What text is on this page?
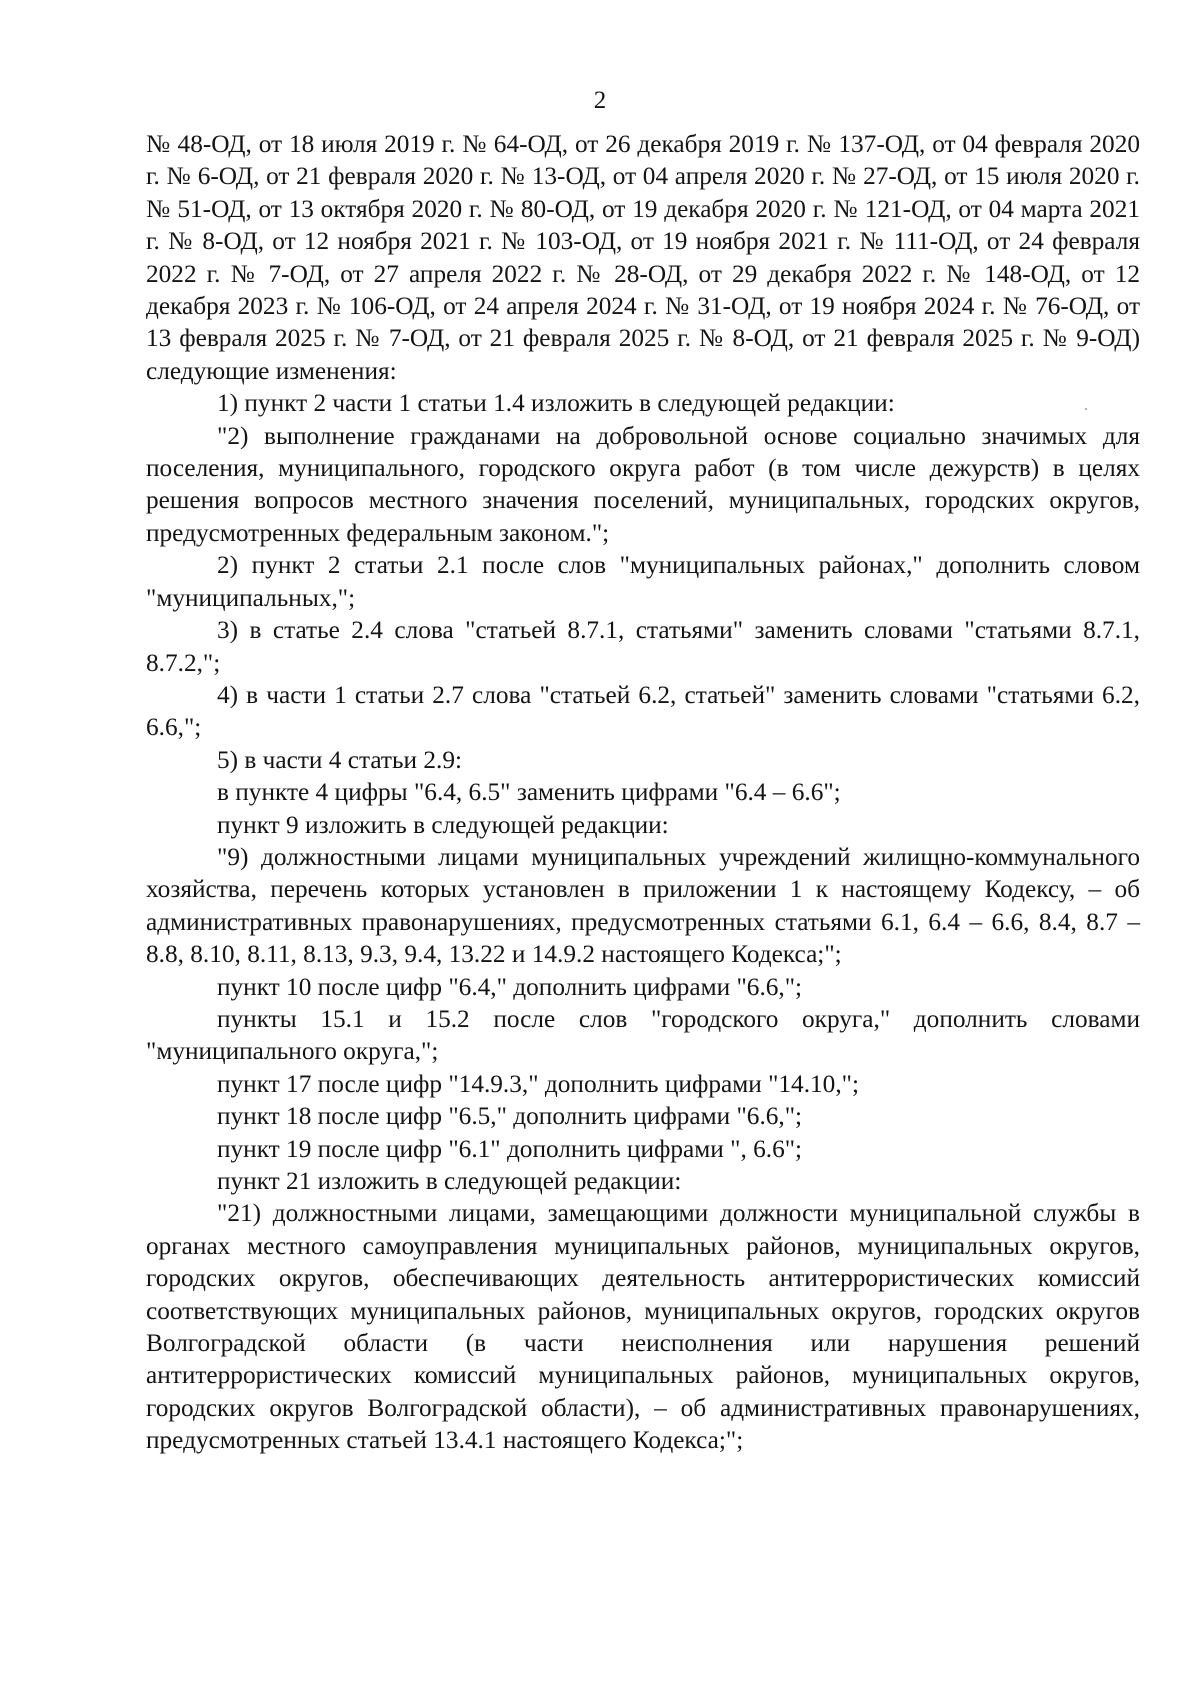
2

№ 48-ОД, от 18 июля 2019 г. № 64-ОД, от 26 декабря 2019 г. № 137-ОД, от 04 февраля 2020 г. № 6-ОД, от 21 февраля 2020 г. № 13-ОД, от 04 апреля 2020 г. № 27-ОД, от 15 июля 2020 г. № 51-ОД, от 13 октября 2020 г. № 80-ОД, от 19 декабря 2020 г. № 121-ОД, от 04 марта 2021 г. № 8-ОД, от 12 ноября 2021 г. № 103-ОД, от 19 ноября 2021 г. № 111-ОД, от 24 февраля 2022 г. № 7-ОД, от 27 апреля 2022 г. № 28-ОД, от 29 декабря 2022 г. № 148-ОД, от 12 декабря 2023 г. № 106-ОД, от 24 апреля 2024 г. № 31-ОД, от 19 ноября 2024 г. № 76-ОД, от 13 февраля 2025 г. № 7-ОД, от 21 февраля 2025 г. № 8-ОД, от 21 февраля 2025 г. № 9-ОД) следующие изменения:

1) пункт 2 части 1 статьи 1.4 изложить в следующей редакции:

"2) выполнение гражданами на добровольной основе социально значимых для поселения, муниципального, городского округа работ (в том числе дежурств) в целях решения вопросов местного значения поселений, муниципальных, городских округов, предусмотренных федеральным законом.";

2) пункт 2 статьи 2.1 после слов "муниципальных районах," дополнить словом "муниципальных,";

3) в статье 2.4 слова "статьей 8.7.1, статьями" заменить словами "статьями 8.7.1, 8.7.2,";

4) в части 1 статьи 2.7 слова "статьей 6.2, статьей" заменить словами "статьями 6.2, 6.6,";

5) в части 4 статьи 2.9:

в пункте 4 цифры "6.4, 6.5" заменить цифрами "6.4 – 6.6";

пункт 9 изложить в следующей редакции:

"9) должностными лицами муниципальных учреждений жилищно-коммунального хозяйства, перечень которых установлен в приложении 1 к настоящему Кодексу, – об административных правонарушениях, предусмотренных статьями 6.1, 6.4 – 6.6, 8.4, 8.7 – 8.8, 8.10, 8.11, 8.13, 9.3, 9.4, 13.22 и 14.9.2 настоящего Кодекса;";

пункт 10 после цифр "6.4," дополнить цифрами "6.6,";

пункты 15.1 и 15.2 после слов "городского округа," дополнить словами "муниципального округа,";

пункт 17 после цифр "14.9.3," дополнить цифрами "14.10,";

пункт 18 после цифр "6.5," дополнить цифрами "6.6,";

пункт 19 после цифр "6.1" дополнить цифрами ", 6.6";

пункт 21 изложить в следующей редакции:

"21) должностными лицами, замещающими должности муниципальной службы в органах местного самоуправления муниципальных районов, муниципальных округов, городских округов, обеспечивающих деятельность антитеррористических комиссий соответствующих муниципальных районов, муниципальных округов, городских округов Волгоградской области (в части неисполнения или нарушения решений антитеррористических комиссий муниципальных районов, муниципальных округов, городских округов Волгоградской области), – об административных правонарушениях, предусмотренных статьей 13.4.1 настоящего Кодекса;";
